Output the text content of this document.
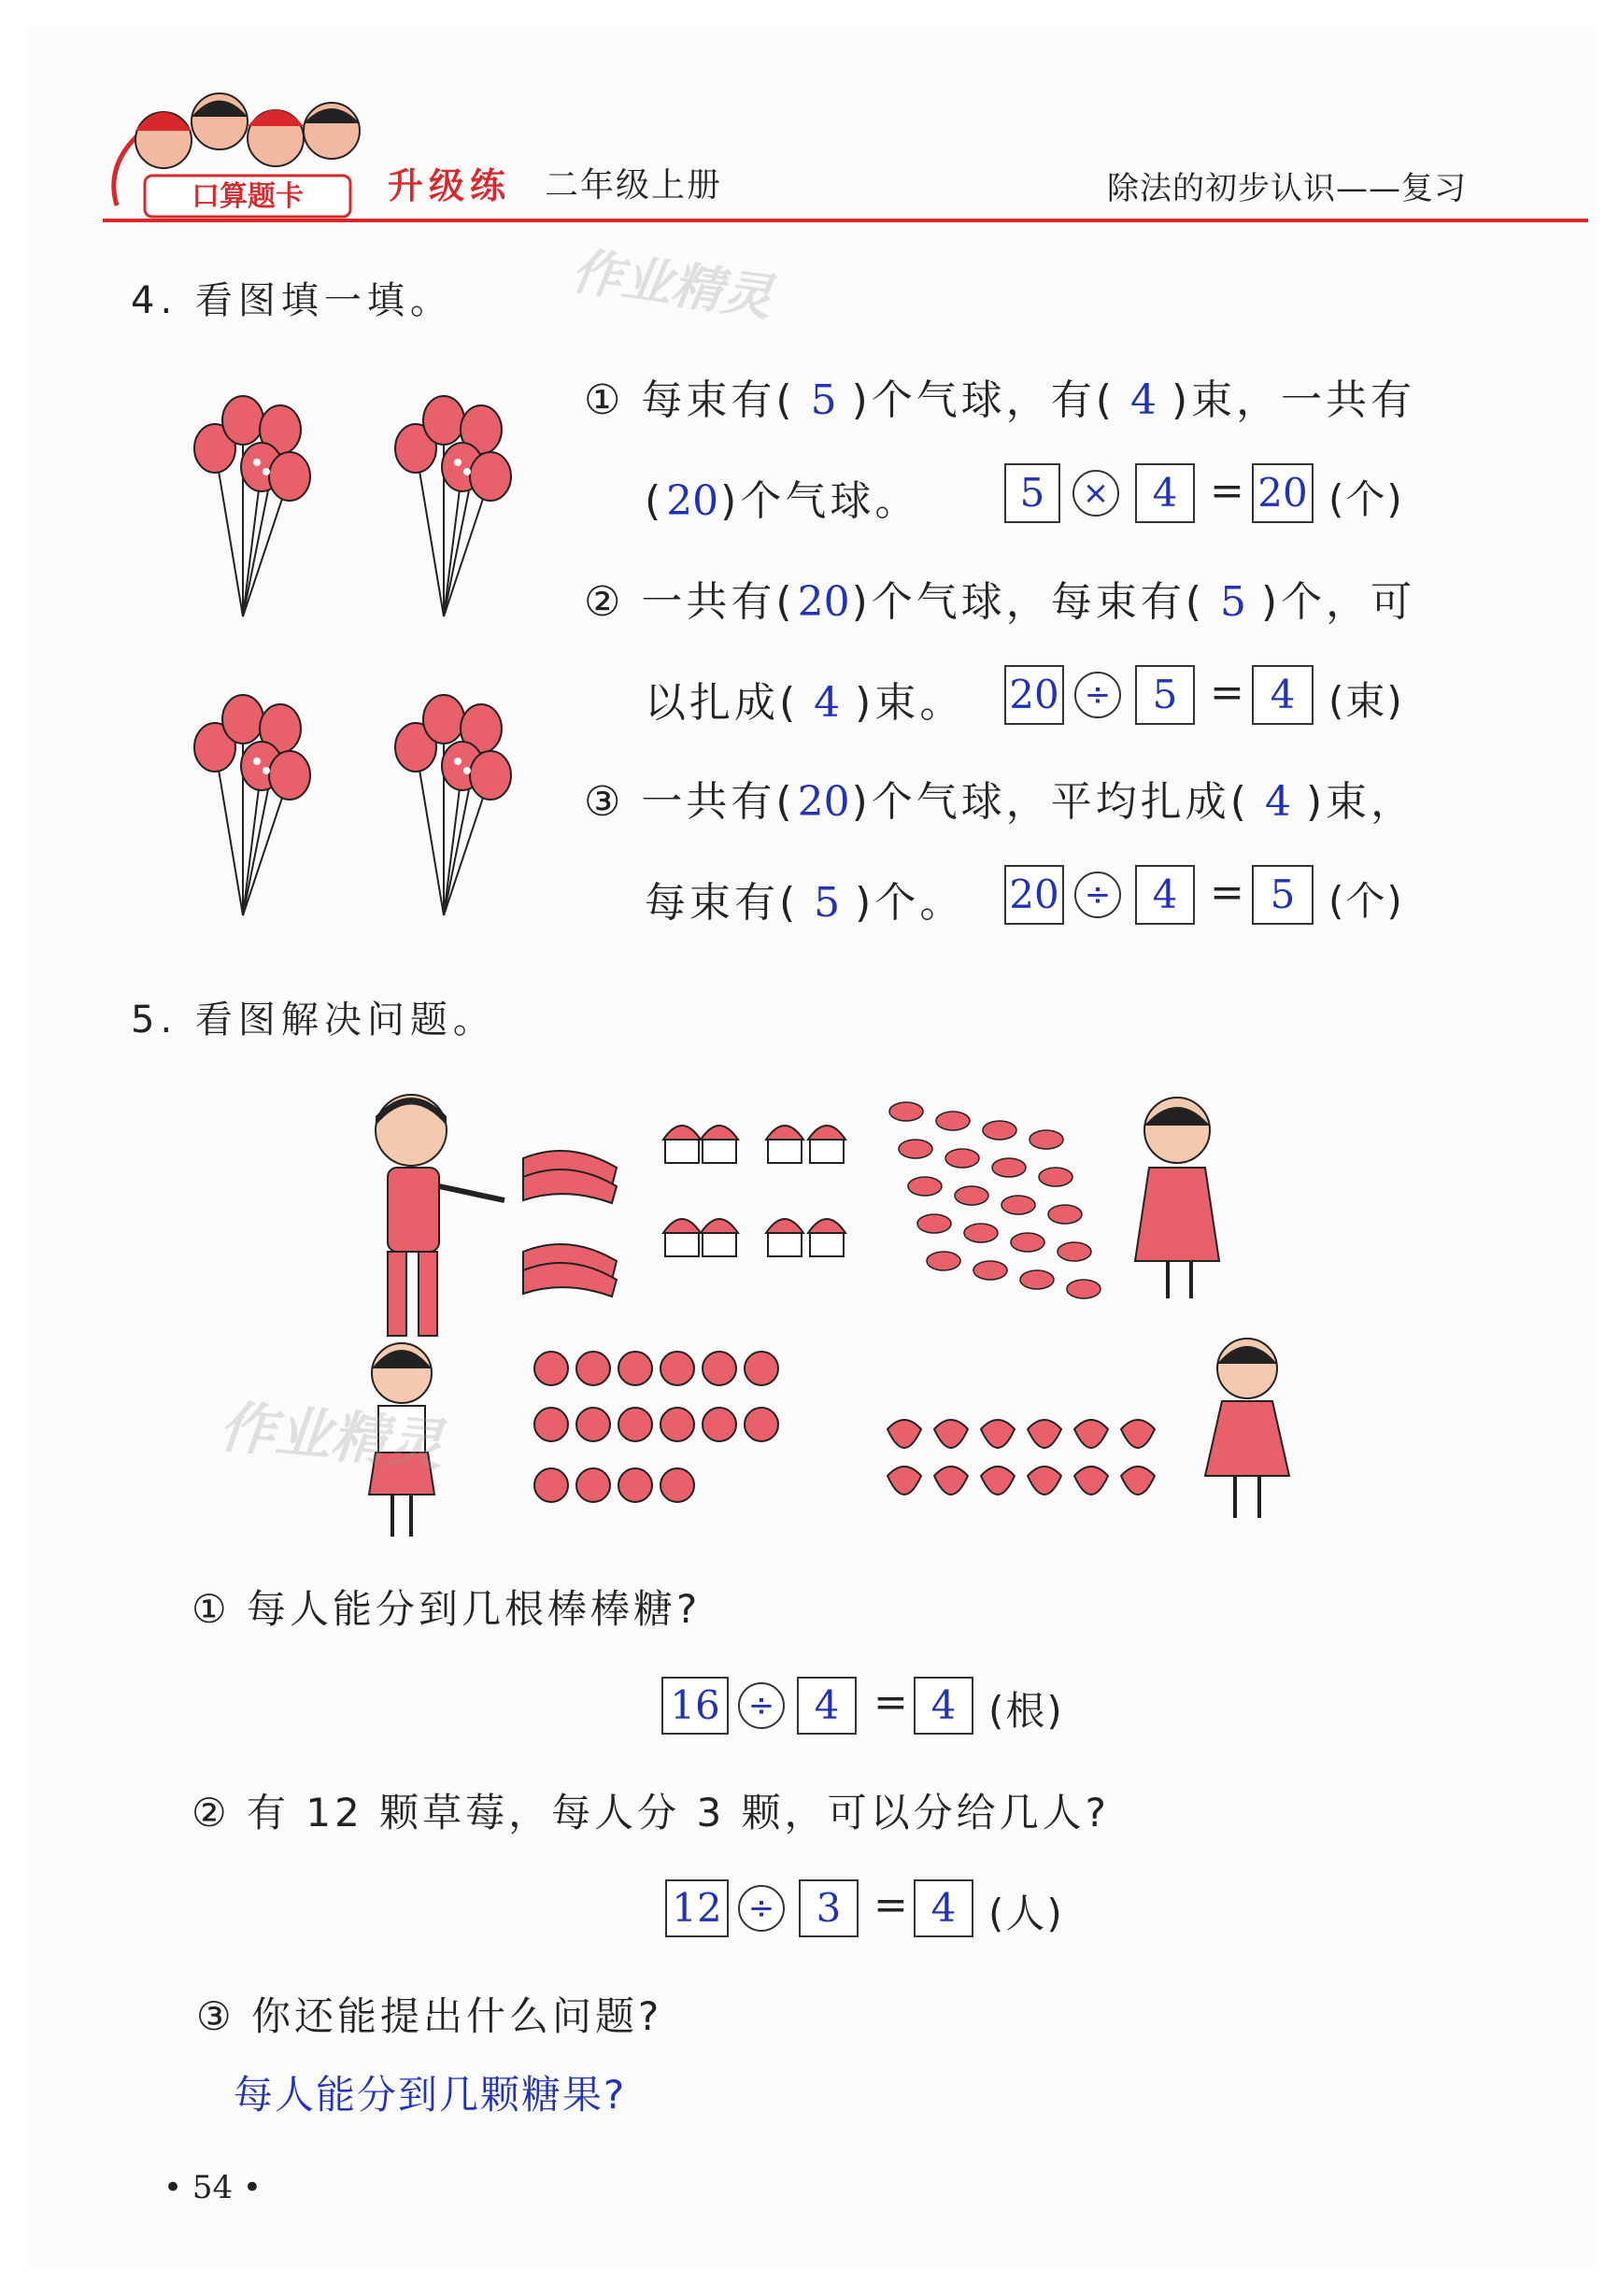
口算题卡 升级练 二年级上册	除法的初步认识——复习
4. 看图填一填。 作业精灵
① 每束有( 5 )个气球，有( 4 )束，一共有
(20)个气球。	5	×	4 = 20 (个)
② 一共有(20)个气球，每束有( 5 )个，可
以扎成( 4 )束。 20 ÷	5 = 4 (束)
③ 一共有(20)个气球，平均扎成( 4 )束，
每束有( 5 )个。 20 ÷	4 = 5 (个)
5. 看图解决问题。
作业精灵
① 每人能分到几根棒棒糖?
16 ÷	4 = 4 (根)
② 有 12 颗草莓，每人分 3 颗，可以分给几人?
12 ÷	3 = 4 (人)
③ 你还能提出什么问题?
每人能分到几颗糖果?
• 54 •
